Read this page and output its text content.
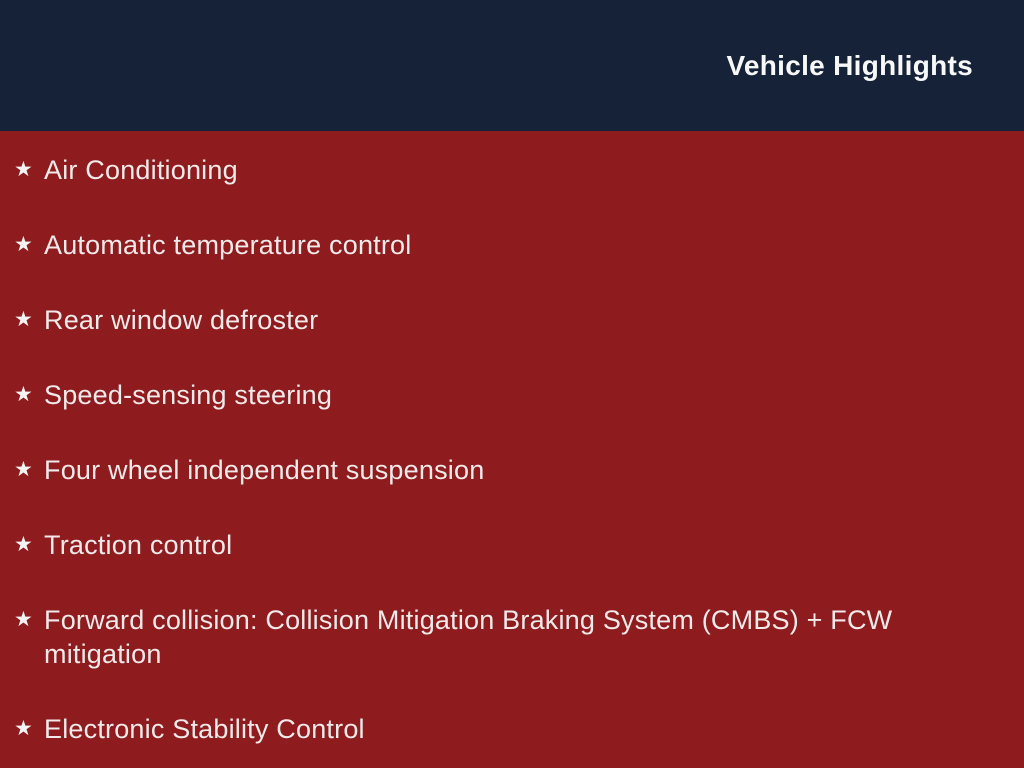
Vehicle Highlights
★ Air Conditioning
★ Automatic temperature control
★ Rear window defroster
★ Speed-sensing steering
★ Four wheel independent suspension
★ Traction control
★ Forward collision: Collision Mitigation Braking System (CMBS) + FCW mitigation
★ Electronic Stability Control
